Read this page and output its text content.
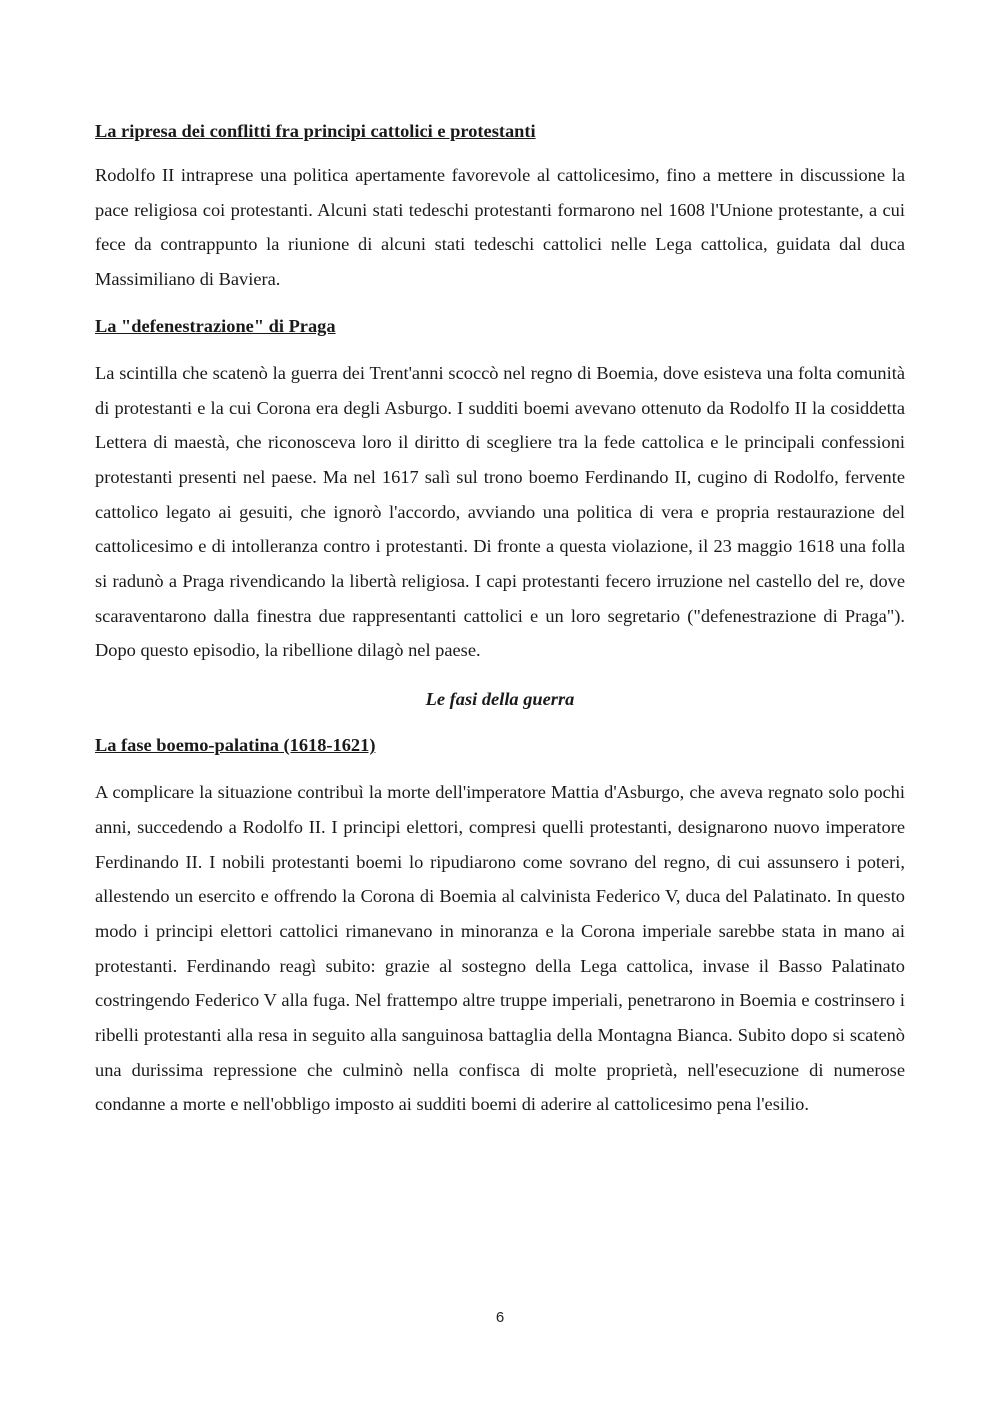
La ripresa dei conflitti fra principi cattolici e protestanti

Rodolfo II intraprese una politica apertamente favorevole al cattolicesimo, fino a mettere in discussione la pace religiosa coi protestanti. Alcuni stati tedeschi protestanti formarono nel 1608 l'Unione protestante, a cui fece da contrappunto la riunione di alcuni stati tedeschi cattolici nelle Lega cattolica, guidata dal duca Massimiliano di Baviera.

La "defenestrazione" di Praga

La scintilla che scatenò la guerra dei Trent'anni scoccò nel regno di Boemia, dove esisteva una folta comunità di protestanti e la cui Corona era degli Asburgo. I sudditi boemi avevano ottenuto da Rodolfo II la cosiddetta Lettera di maestà, che riconosceva loro il diritto di scegliere tra la fede cattolica e le principali confessioni protestanti presenti nel paese. Ma nel 1617 salì sul trono boemo Ferdinando II, cugino di Rodolfo, fervente cattolico legato ai gesuiti, che ignorò l'accordo, avviando una politica di vera e propria restaurazione del cattolicesimo e di intolleranza contro i protestanti. Di fronte a questa violazione, il 23 maggio 1618 una folla si radunò a Praga rivendicando la libertà religiosa. I capi protestanti fecero irruzione nel castello del re, dove scaraventarono dalla finestra due rappresentanti cattolici e un loro segretario ("defenestrazione di Praga"). Dopo questo episodio, la ribellione dilagò nel paese.

Le fasi della guerra

La fase boemo-palatina (1618-1621)

A complicare la situazione contribuì la morte dell'imperatore Mattia d'Asburgo, che aveva regnato solo pochi anni, succedendo a Rodolfo II. I principi elettori, compresi quelli protestanti, designarono nuovo imperatore Ferdinando II. I nobili protestanti boemi lo ripudiarono come sovrano del regno, di cui assunsero i poteri, allestendo un esercito e offrendo la Corona di Boemia al calvinista Federico V, duca del Palatinato. In questo modo i principi elettori cattolici rimanevano in minoranza e la Corona imperiale sarebbe stata in mano ai protestanti. Ferdinando reagì subito: grazie al sostegno della Lega cattolica, invase il Basso Palatinato costringendo Federico V alla fuga. Nel frattempo altre truppe imperiali, penetrarono in Boemia e costrinsero i ribelli protestanti alla resa in seguito alla sanguinosa battaglia della Montagna Bianca. Subito dopo si scatenò una durissima repressione che culminò nella confisca di molte proprietà, nell'esecuzione di numerose condanne a morte e nell'obbligo imposto ai sudditi boemi di aderire al cattolicesimo pena l'esilio.

6
